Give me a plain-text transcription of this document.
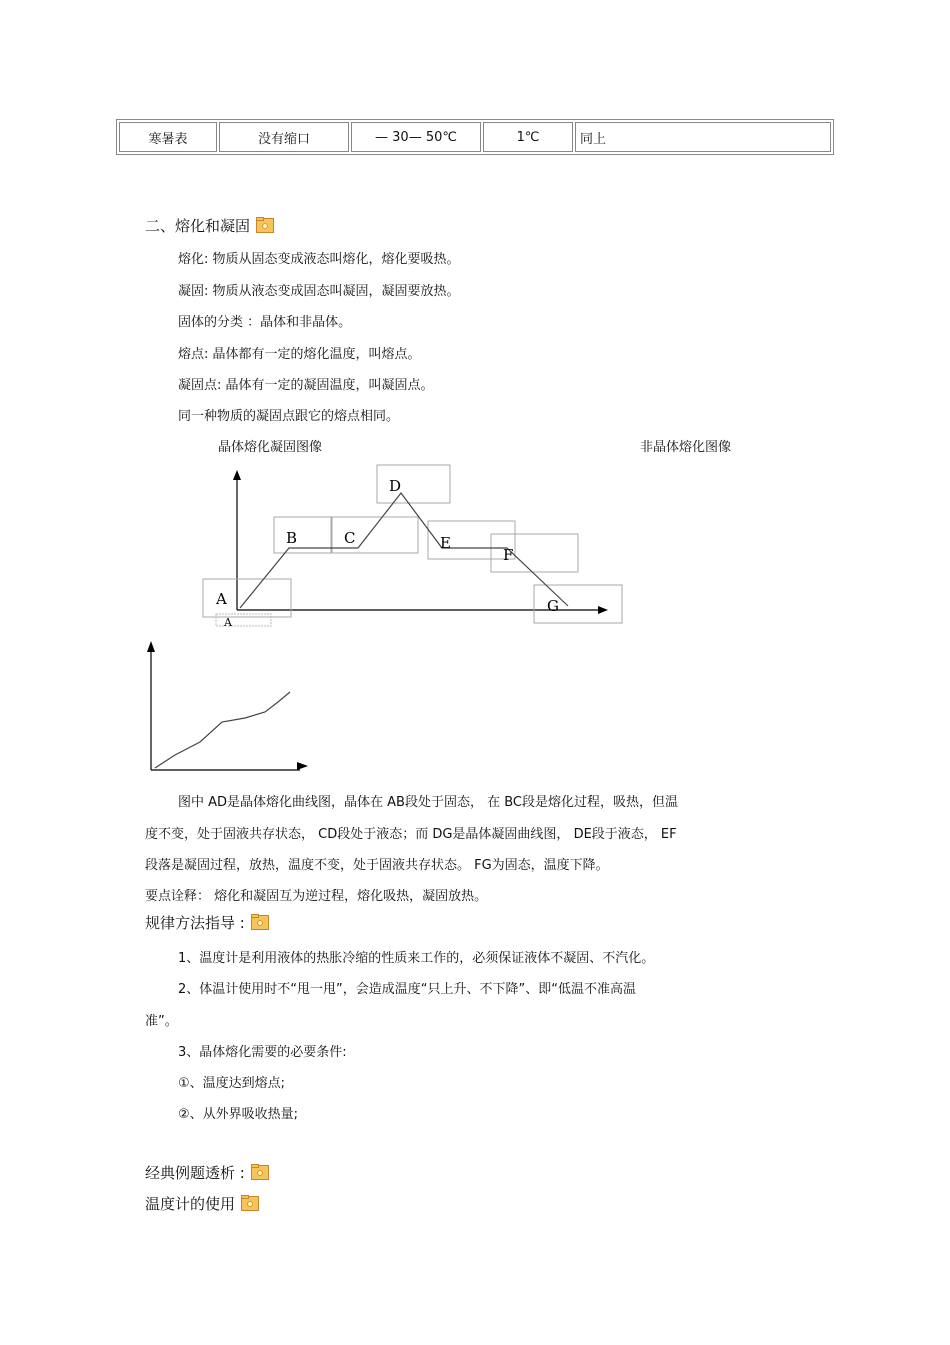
寒暑表	没有缩口	— 30— 50℃	1℃	同上
二、熔化和凝固
熔化: 物质从固态变成液态叫熔化，熔化要吸热。
凝固: 物质从液态变成固态叫凝固，凝固要放热。
固体的分类 ：晶体和非晶体。
熔点: 晶体都有一定的熔化温度，叫熔点。
凝固点: 晶体有一定的凝固温度，叫凝固点。
同一种物质的凝固点跟它的熔点相同。
晶体熔化凝固图像	非晶体熔化图像
A
A
B	C
D
E
F
G
图中 AD是晶体熔化曲线图，晶体在 AB段处于固态， 在 BC段是熔化过程，吸热，但温
度不变，处于固液共存状态， CD段处于液态；而 DG是晶体凝固曲线图， DE段于液态， EF
段落是凝固过程，放热，温度不变，处于固液共存状态。 FG为固态，温度下降。
要点诠释： 熔化和凝固互为逆过程，熔化吸热，凝固放热。
规律方法指导 :
1、温度计是利用液体的热胀冷缩的性质来工作的，必须保证液体不凝固、不汽化。
2、体温计使用时不“甩一甩”，会造成温度“只上升、不下降”、即“低温不准高温
准”。
3、晶体熔化需要的必要条件:
①、温度达到熔点;
②、从外界吸收热量;
经典例题透析 :
温度计的使用
